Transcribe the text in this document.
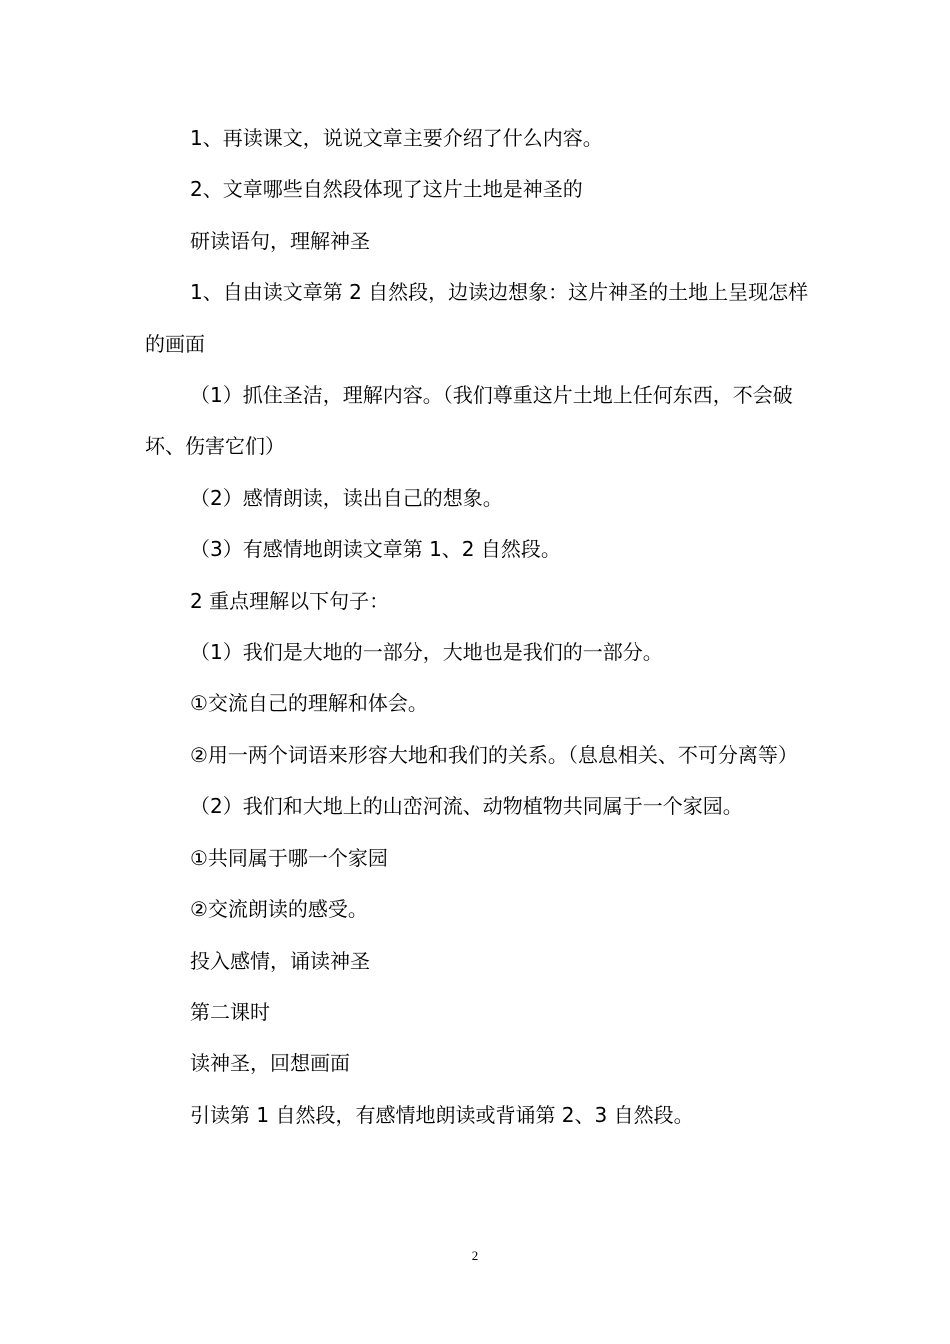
1、再读课文，说说文章主要介绍了什么内容。

2、文章哪些自然段体现了这片土地是神圣的

研读语句，理解神圣

1、自由读文章第 2 自然段，边读边想象：这片神圣的土地上呈现怎样的画面

（1）抓住圣洁，理解内容。（我们尊重这片土地上任何东西，不会破坏、伤害它们）

（2）感情朗读，读出自己的想象。

（3）有感情地朗读文章第 1、2 自然段。

2 重点理解以下句子：

（1）我们是大地的一部分，大地也是我们的一部分。

①交流自己的理解和体会。

②用一两个词语来形容大地和我们的关系。（息息相关、不可分离等）

（2）我们和大地上的山峦河流、动物植物共同属于一个家园。

①共同属于哪一个家园

②交流朗读的感受。

投入感情，诵读神圣

第二课时

读神圣，回想画面

引读第 1 自然段，有感情地朗读或背诵第 2、3 自然段。

2
